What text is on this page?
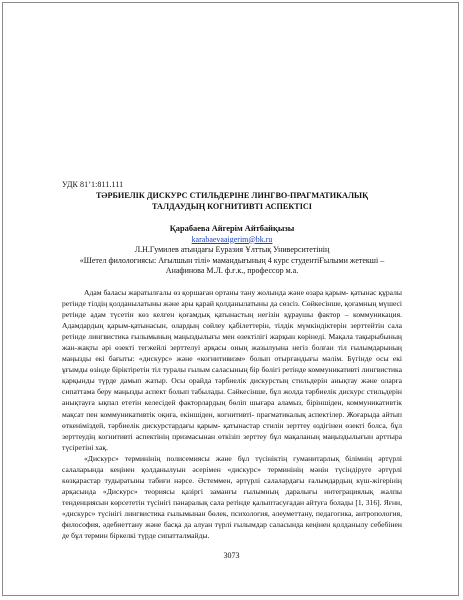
УДК 81’1:811.111
ТӘРБИЕЛІК ДИСКУРС СТИЛЬДЕРІНЕ ЛИНГВО-ПРАГМАТИКАЛЫҚ
ТАЛДАУДЫҢ КОГНИТИВТІ АСПЕКТІСІ
Қарабаева Айгерім Айтбайқызы
karabaevaaigerim@bk.ru
Л.Н.Гумилев атындағы Еуразия Ұлттық Университетінің
«Шетел филологиясы: Ағылшын тілі» мамандығының 4 курс студентіҒылыми жетекші –
Анафинова М.Л. ф.ғ.к., профессор м.а.

Адам баласы жаратылғалы өз қоршаған ортаны тану жолында және өзара қарым- қатынас құралы ретінде тілдің қолданылатыны және ары қарай қолданылатыны да сөзсіз. Сөйкесінше, қоғамның мүшесі ретінде адам түсетін көз келген қоғамдық қатынастың негізін құраушы фактор – коммуникация. Адамдардың қарым-қатынасын, олардың сөйлеу қабілеттерін, тілдік мүмкіндіктерін зерттейтін сала ретінде лингвистика ғылымының маңыздылығы мен өзектілігі жарқын көрінеді. Мақала тақырыбының жан-жақты әрі өзекті тегжейлі зерттелуі арқасы оның жазылуына негіз болған тіл ғылымдарының маңызды екі бағыты: «дискурс» және «когнитивизм» болып отырғандығы мәлім. Бүгінде осы екі ұғымды өзінде біріктіретін тіл туралы ғылым саласының бір бөлігі ретінде коммуникативті лингвистика қарқынды түрде дамып жатыр. Осы орайда тәрбиелік дискурстың стильдерін анықтау және оларға сипаттама беру маңызды аспект болып табылады. Сәйкесінше, бұл жолда тәрбиелік дискурс стильдерін анықтауға ықпал ететін келесідей факторлардың бөліп шығара аламыз, біріншіден, коммуникативтік мақсат пен коммуникативтік оқиға, екіншіден, когнитивті- прагматикалық аспектілер. Жоғарыда айтып өткеніміздей, тәрбиелік дискурстардағы қарым- қатынастар стилін зерттеу өздігінен өзекті болса, бұл зерттеудің когнитивті аспектінің призмасынан өткізіп зерттеу бұл мақаланың маңыздылығын арттыра түсіретіні хақ.

«Дискурс» терминінің полисемиясы және бұл түсініктің гуманитарлық білімнің әртүрлі салаларында кеңінен қолданылуын әсерімен «дискурс» терминінің мәнін түсіндіруге әртүрлі көзқарастар тудыратыны табиғи нәрсе. Əстеммен, әртүрлі салалардағы ғалымдардың күш-жігерінің арқасында «Дискурс» теориясы қазіргі заманғы ғылымның даралығы интеграциялық жалпы тенденциясын көрсететін түсінігі пәнаралық сала ретінде қалыптасуғадан айтуға болады [1, 316]. Яғни, «дискурс» түсінігі лингвистика ғылымынан бөлек, психология, әлеуметтану, педагогика, антропология, философия, әдебиеттану және басқа да алуан түрлі ғылымдар саласында кеңінен қолданылу себебінен де бұл термин біркелкі түрде сипатталмайды.

3073
